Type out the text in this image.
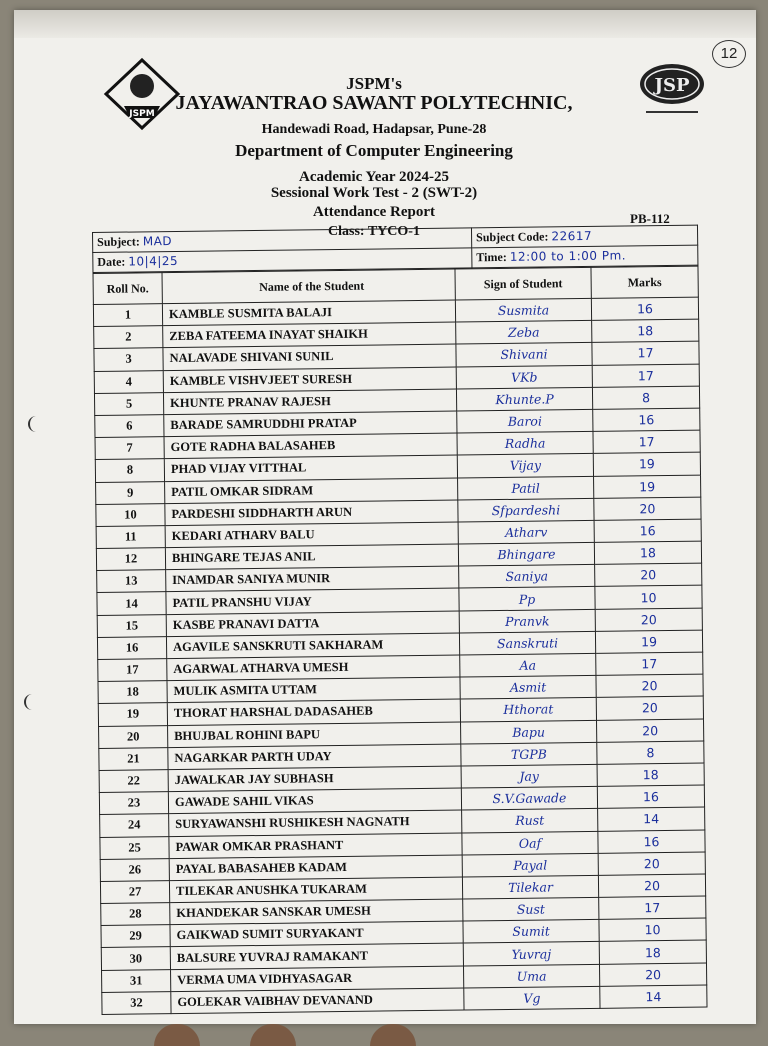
12
JSPM
JSP
JSPM's
JAYAWANTRAO SAWANT POLYTECHNIC,
Handewadi Road, Hadapsar, Pune-28
Department of Computer Engineering
Academic Year 2024-25
Sessional Work Test - 2 (SWT-2)
Attendance Report
Class: TYCO-1
PB-112
Subject: MAD	Subject Code: 22617
Date: 10|4|25	Time: 12:00 to 1:00 Pm.
Roll No.	Name of the Student	Sign of Student	Marks
1	KAMBLE SUSMITA BALAJI	Susmita	16
2	ZEBA FATEEMA INAYAT SHAIKH	Zeba	18
3	NALAVADE SHIVANI SUNIL	Shivani	17
4	KAMBLE VISHVJEET SURESH	VKb	17
5	KHUNTE PRANAV RAJESH	Khunte.P	8
6	BARADE SAMRUDDHI PRATAP	Baroi	16
7	GOTE RADHA BALASAHEB	Radha	17
8	PHAD VIJAY VITTHAL	Vijay	19
9	PATIL OMKAR SIDRAM	Patil	19
10	PARDESHI SIDDHARTH ARUN	Sfpardeshi	20
11	KEDARI ATHARV BALU	Atharv	16
12	BHINGARE TEJAS ANIL	Bhingare	18
13	INAMDAR SANIYA MUNIR	Saniya	20
14	PATIL PRANSHU VIJAY	Pp	10
15	KASBE PRANAVI DATTA	Pranvk	20
16	AGAVILE SANSKRUTI SAKHARAM	Sanskruti	19
17	AGARWAL ATHARVA UMESH	Aa	17
18	MULIK ASMITA UTTAM	Asmit	20
19	THORAT HARSHAL DADASAHEB	Hthorat	20
20	BHUJBAL ROHINI BAPU	Bapu	20
21	NAGARKAR PARTH UDAY	TGPB	8
22	JAWALKAR JAY SUBHASH	Jay	18
23	GAWADE SAHIL VIKAS	S.V.Gawade	16
24	SURYAWANSHI RUSHIKESH NAGNATH	Rust	14
25	PAWAR OMKAR PRASHANT	Oaf	16
26	PAYAL BABASAHEB KADAM	Payal	20
27	TILEKAR ANUSHKA TUKARAM	Tilekar	20
28	KHANDEKAR SANSKAR UMESH	Sust	17
29	GAIKWAD SUMIT SURYAKANT	Sumit	10
30	BALSURE YUVRAJ RAMAKANT	Yuvraj	18
31	VERMA UMA VIDHYASAGAR	Uma	20
32	GOLEKAR VAIBHAV DEVANAND	Vg	14
